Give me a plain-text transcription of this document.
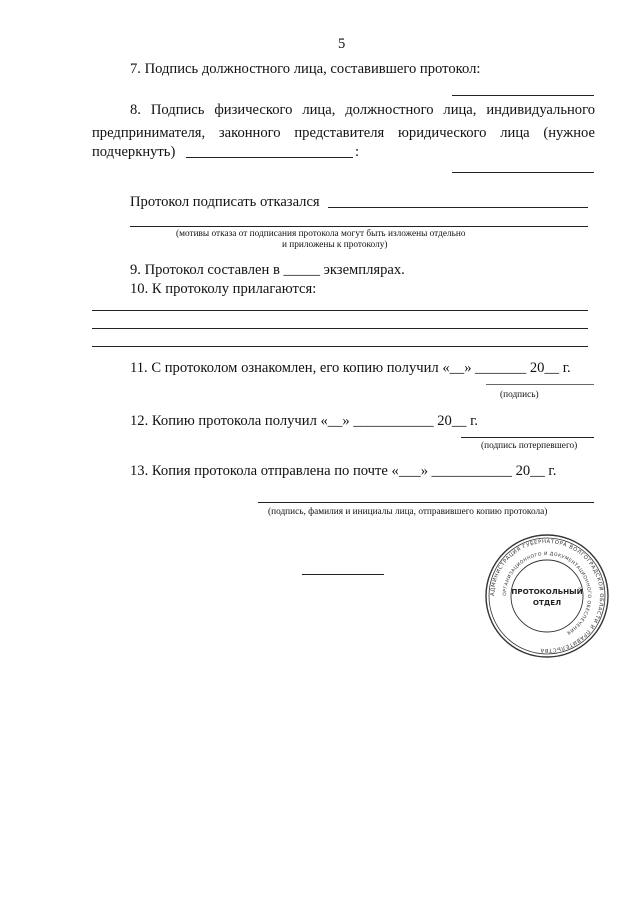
5
7. Подпись должностного лица, составившего протокол:
8. Подпись физического лица, должностного лица, индивидуального
предпринимателя, законного представителя юридического лица (нужное
подчеркнуть)	:
Протокол подписать отказался
(мотивы отказа от подписания протокола могут быть изложены отдельно
и приложены к протоколу)
9. Протокол составлен в _____ экземплярах.
10. К протоколу прилагаются:
11. С протоколом ознакомлен, его копию получил «__» _______ 20__ г.
(подпись)
12. Копию протокола получил «__» ___________ 20__ г.
(подпись потерпевшего)
13. Копия протокола отправлена по почте «___» ___________ 20__ г.
(подпись, фамилия и инициалы лица, отправившего копию протокола)
АДМИНИСТРАЦИЯ ГУБЕРНАТОРА ВОЛГОГРАДСКОЙ ОБЛАСТИ И ПРАВИТЕЛЬСТВА
ОРГАНИЗАЦИОННОГО И ДОКУМЕНТАЦИОННОГО ОБЕСПЕЧЕНИЯ
ПРОТОКОЛЬНЫЙ
ОТДЕЛ
